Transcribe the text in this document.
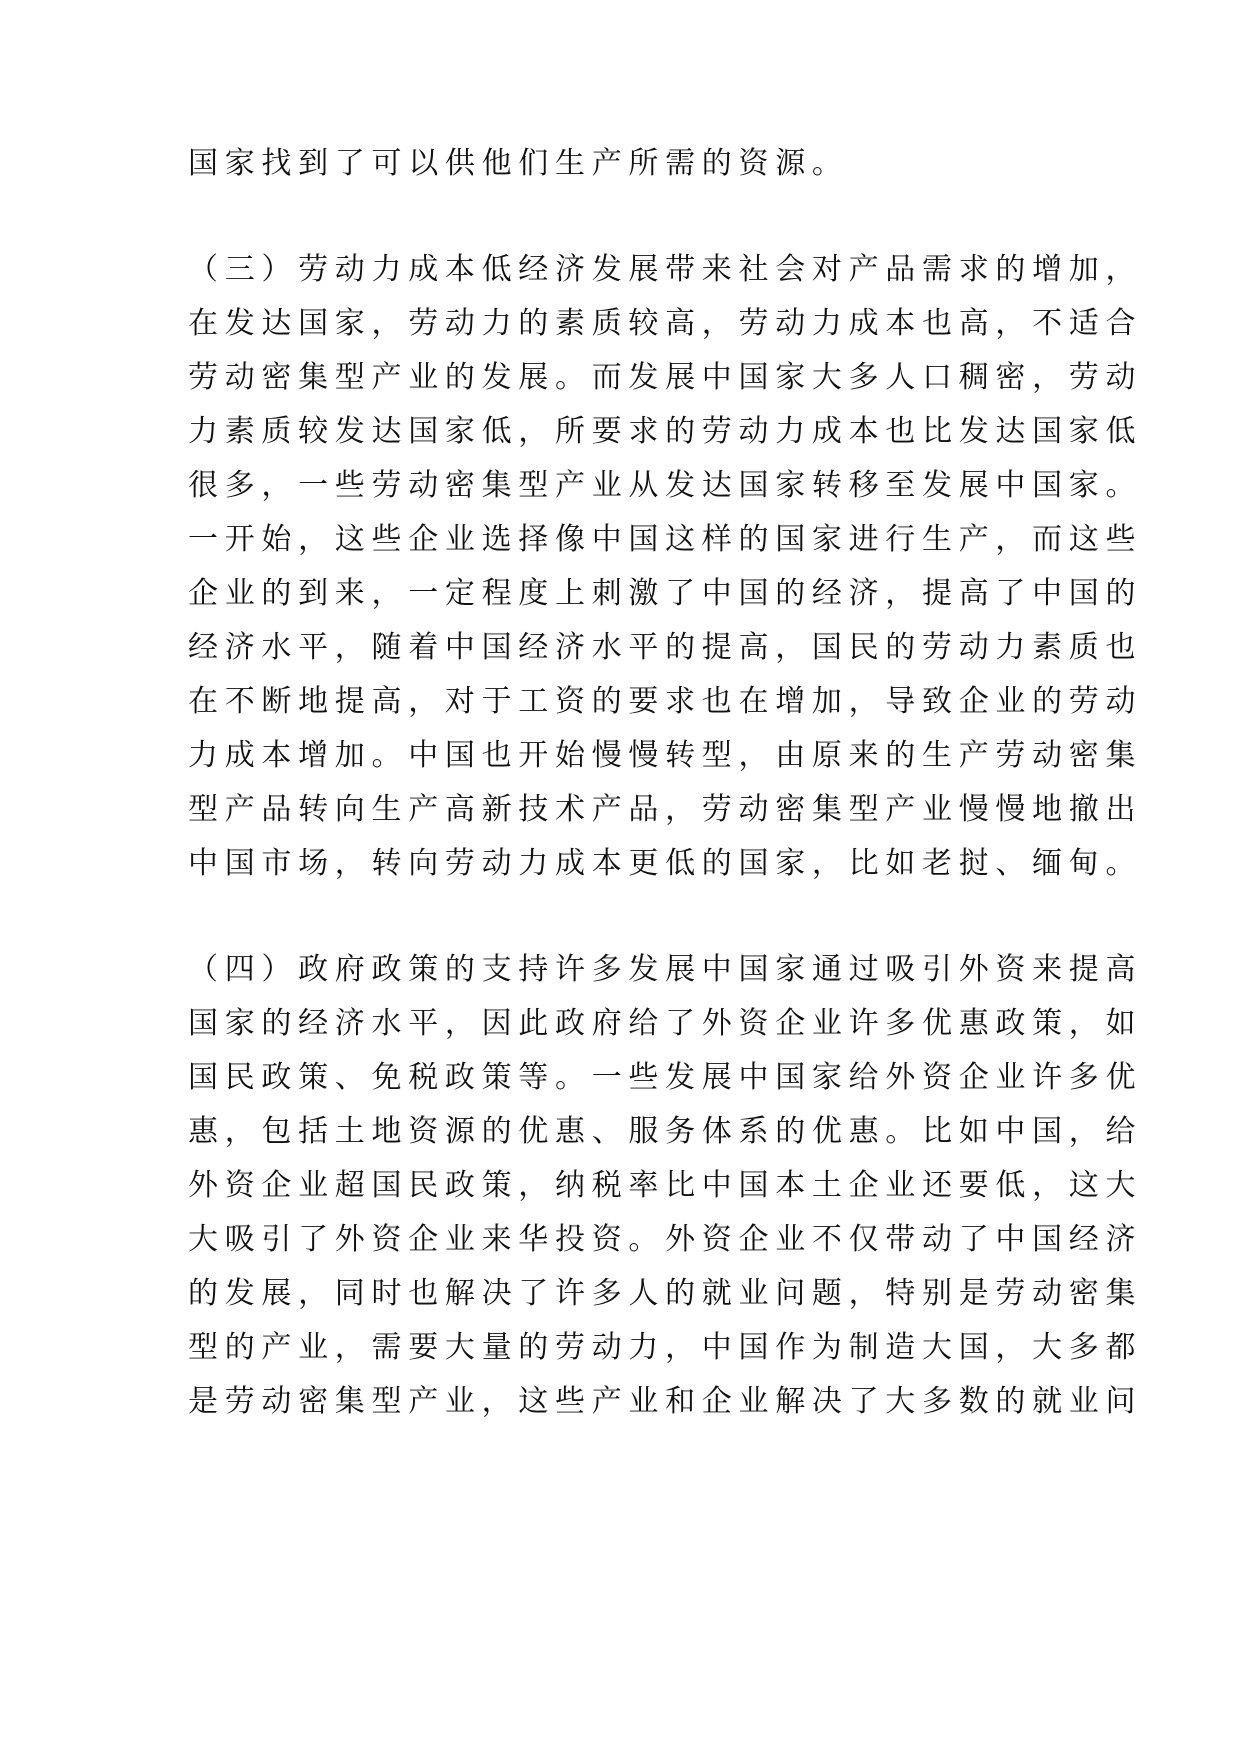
国家找到了可以供他们生产所需的资源。
（三）劳动力成本低经济发展带来社会对产品需求的增加，
在发达国家，劳动力的素质较高，劳动力成本也高，不适合
劳动密集型产业的发展。而发展中国家大多人口稠密，劳动
力素质较发达国家低，所要求的劳动力成本也比发达国家低
很多，一些劳动密集型产业从发达国家转移至发展中国家。
一开始，这些企业选择像中国这样的国家进行生产，而这些
企业的到来，一定程度上刺激了中国的经济，提高了中国的
经济水平，随着中国经济水平的提高，国民的劳动力素质也
在不断地提高，对于工资的要求也在增加，导致企业的劳动
力成本增加。中国也开始慢慢转型，由原来的生产劳动密集
型产品转向生产高新技术产品，劳动密集型产业慢慢地撤出
中国市场，转向劳动力成本更低的国家，比如老挝、缅甸。
（四）政府政策的支持许多发展中国家通过吸引外资来提高
国家的经济水平，因此政府给了外资企业许多优惠政策，如
国民政策、免税政策等。一些发展中国家给外资企业许多优
惠，包括土地资源的优惠、服务体系的优惠。比如中国，给
外资企业超国民政策，纳税率比中国本土企业还要低，这大
大吸引了外资企业来华投资。外资企业不仅带动了中国经济
的发展，同时也解决了许多人的就业问题，特别是劳动密集
型的产业，需要大量的劳动力，中国作为制造大国，大多都
是劳动密集型产业，这些产业和企业解决了大多数的就业问
